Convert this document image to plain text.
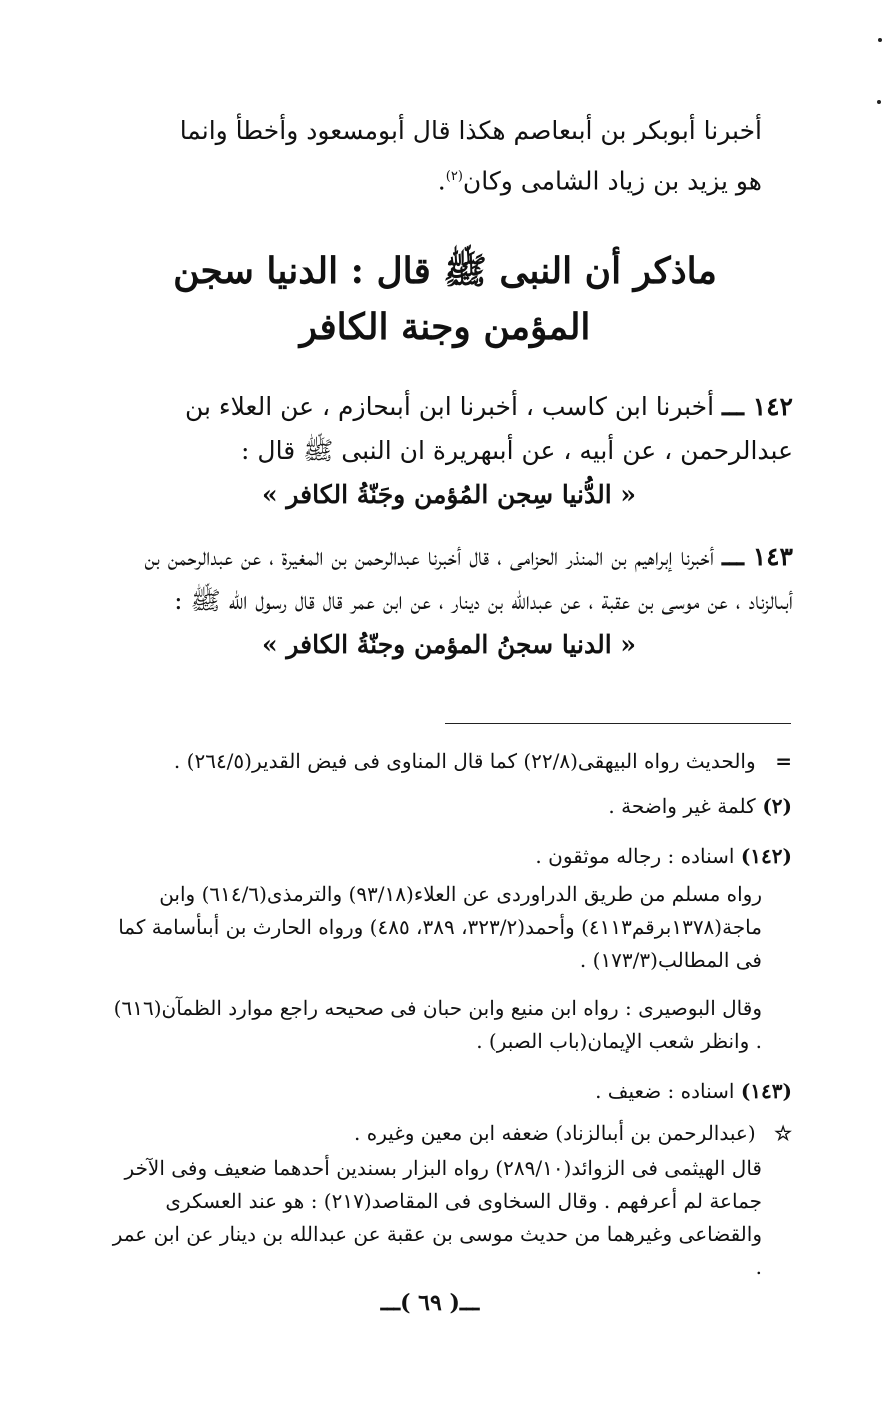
أخبرنا أبوبكر بن أبىعاصم هكذا قال أبومسعود وأخطأ وانما
هو يزيد بن زياد الشامى وكان$^{(٢)}$.
ماذكر أن النبى ﷺ قال : الدنيا سجن
المؤمن وجنة الكافر
١٤٢ ـــ أخبرنا ابن كاسب ، أخبرنا ابن أبىحازم ، عن العلاء بن عبدالرحمن ، عن أبيه ، عن أبىهريرة ان النبى ﷺ قال :
« الدُّنيا سِجن المُؤمن وجَنّةُ الكافر »
١٤٣ ـــ أخبرنا إبراهيم بن المنذر الحزامى ، قال أخبرنا عبدالرحمن بن المغيرة ، عن عبدالرحمن بن أبىالزناد ، عن موسى بن عقبة ، عن عبدالله بن دينار ، عن ابن عمر قال قال رسول الله ﷺ :
« الدنيا سجنُ المؤمن وجنّةُ الكافر »
= والحديث رواه البيهقى(٢٢/٨) كما قال المناوى فى فيض القدير(٢٦٤/٥) .
(٢) كلمة غير واضحة .
(١٤٢) اسناده : رجاله موثقون .
رواه مسلم من طريق الدراوردى عن العلاء(٩٣/١٨) والترمذى(٦١٤/٦) وابن ماجة(١٣٧٨برقم٤١١٣) وأحمد(٣٢٣/٢، ٣٨٩، ٤٨٥) ورواه الحارث بن أبىأسامة كما فى المطالب(١٧٣/٣) .
وقال البوصيرى : رواه ابن منيع وابن حبان فى صحيحه راجع موارد الظمآن(٦١٦) . وانظر شعب الإيمان(باب الصبر) .
(١٤٣) اسناده : ضعيف .
☆ (عبدالرحمن بن أبىالزناد) ضعفه ابن معين وغيره .
قال الهيثمى فى الزوائد(٢٨٩/١٠) رواه البزار بسندين أحدهما ضعيف وفى الآخر جماعة لم أعرفهم . وقال السخاوى فى المقاصد(٢١٧) : هو عند العسكرى والقضاعى وغيرهما من حديث موسى بن عقبة عن عبدالله بن دينار عن ابن عمر .
ـــ( ٦٩ )ـــ
